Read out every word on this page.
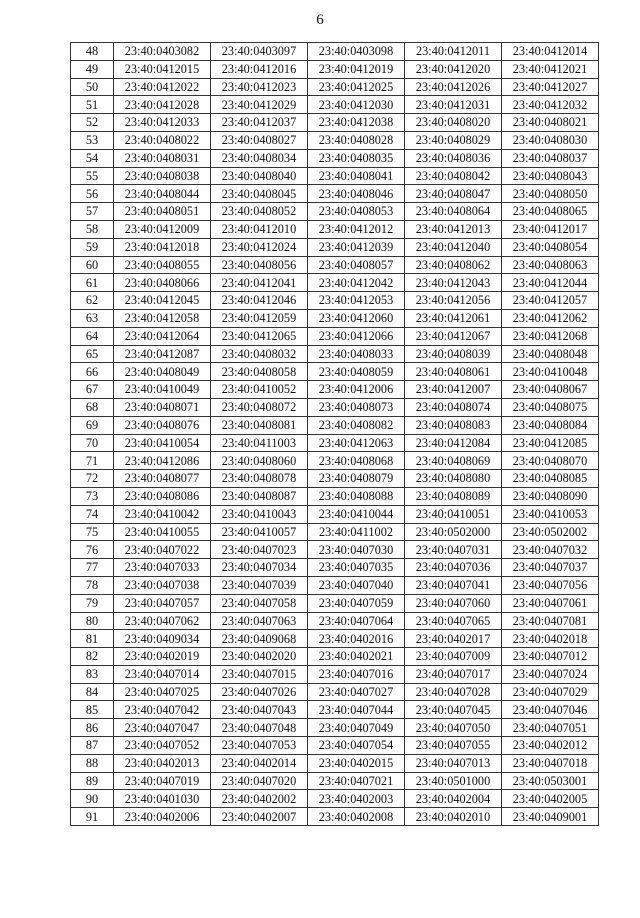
6
48	23:40:0403082	23:40:0403097	23:40:0403098	23:40:0412011	23:40:0412014
49	23:40:0412015	23:40:0412016	23:40:0412019	23:40:0412020	23:40:0412021
50	23:40:0412022	23:40:0412023	23:40:0412025	23:40:0412026	23:40:0412027
51	23:40:0412028	23:40:0412029	23:40:0412030	23:40:0412031	23:40:0412032
52	23:40:0412033	23:40:0412037	23:40:0412038	23:40:0408020	23:40:0408021
53	23:40:0408022	23:40:0408027	23:40:0408028	23:40:0408029	23:40:0408030
54	23:40:0408031	23:40:0408034	23:40:0408035	23:40:0408036	23:40:0408037
55	23:40:0408038	23:40:0408040	23:40:0408041	23:40:0408042	23:40:0408043
56	23:40:0408044	23:40:0408045	23:40:0408046	23:40:0408047	23:40:0408050
57	23:40:0408051	23:40:0408052	23:40:0408053	23:40:0408064	23:40:0408065
58	23:40:0412009	23:40:0412010	23:40:0412012	23:40:0412013	23:40:0412017
59	23:40:0412018	23:40:0412024	23:40:0412039	23:40:0412040	23:40:0408054
60	23:40:0408055	23:40:0408056	23:40:0408057	23:40:0408062	23:40:0408063
61	23:40:0408066	23:40:0412041	23:40:0412042	23:40:0412043	23:40:0412044
62	23:40:0412045	23:40:0412046	23:40:0412053	23:40:0412056	23:40:0412057
63	23:40:0412058	23:40:0412059	23:40:0412060	23:40:0412061	23:40:0412062
64	23:40:0412064	23:40:0412065	23:40:0412066	23:40:0412067	23:40:0412068
65	23:40:0412087	23:40:0408032	23:40:0408033	23:40:0408039	23:40:0408048
66	23:40:0408049	23:40:0408058	23:40:0408059	23:40:0408061	23:40:0410048
67	23:40:0410049	23:40:0410052	23:40:0412006	23:40:0412007	23:40:0408067
68	23:40:0408071	23:40:0408072	23:40:0408073	23:40:0408074	23:40:0408075
69	23:40:0408076	23:40:0408081	23:40:0408082	23:40:0408083	23:40:0408084
70	23:40:0410054	23:40:0411003	23:40:0412063	23:40:0412084	23:40:0412085
71	23:40:0412086	23:40:0408060	23:40:0408068	23:40:0408069	23:40:0408070
72	23:40:0408077	23:40:0408078	23:40:0408079	23:40:0408080	23:40:0408085
73	23:40:0408086	23:40:0408087	23:40:0408088	23:40:0408089	23:40:0408090
74	23:40:0410042	23:40:0410043	23:40:0410044	23:40:0410051	23:40:0410053
75	23:40:0410055	23:40:0410057	23:40:0411002	23:40:0502000	23:40:0502002
76	23:40:0407022	23:40:0407023	23:40:0407030	23:40:0407031	23:40:0407032
77	23:40:0407033	23:40:0407034	23:40:0407035	23:40:0407036	23:40:0407037
78	23:40:0407038	23:40:0407039	23:40:0407040	23:40:0407041	23:40:0407056
79	23:40:0407057	23:40:0407058	23:40:0407059	23:40:0407060	23:40:0407061
80	23:40:0407062	23:40:0407063	23:40:0407064	23:40:0407065	23:40:0407081
81	23:40:0409034	23:40:0409068	23:40:0402016	23:40:0402017	23:40:0402018
82	23:40:0402019	23:40:0402020	23:40:0402021	23:40:0407009	23:40:0407012
83	23:40:0407014	23:40:0407015	23:40:0407016	23:40:0407017	23:40:0407024
84	23:40:0407025	23:40:0407026	23:40:0407027	23:40:0407028	23:40:0407029
85	23:40:0407042	23:40:0407043	23:40:0407044	23:40:0407045	23:40:0407046
86	23:40:0407047	23:40:0407048	23:40:0407049	23:40:0407050	23:40:0407051
87	23:40:0407052	23:40:0407053	23:40:0407054	23:40:0407055	23:40:0402012
88	23:40:0402013	23:40:0402014	23:40:0402015	23:40:0407013	23:40:0407018
89	23:40:0407019	23:40:0407020	23:40:0407021	23:40:0501000	23:40:0503001
90	23:40:0401030	23:40:0402002	23:40:0402003	23:40:0402004	23:40:0402005
91	23:40:0402006	23:40:0402007	23:40:0402008	23:40:0402010	23:40:0409001
